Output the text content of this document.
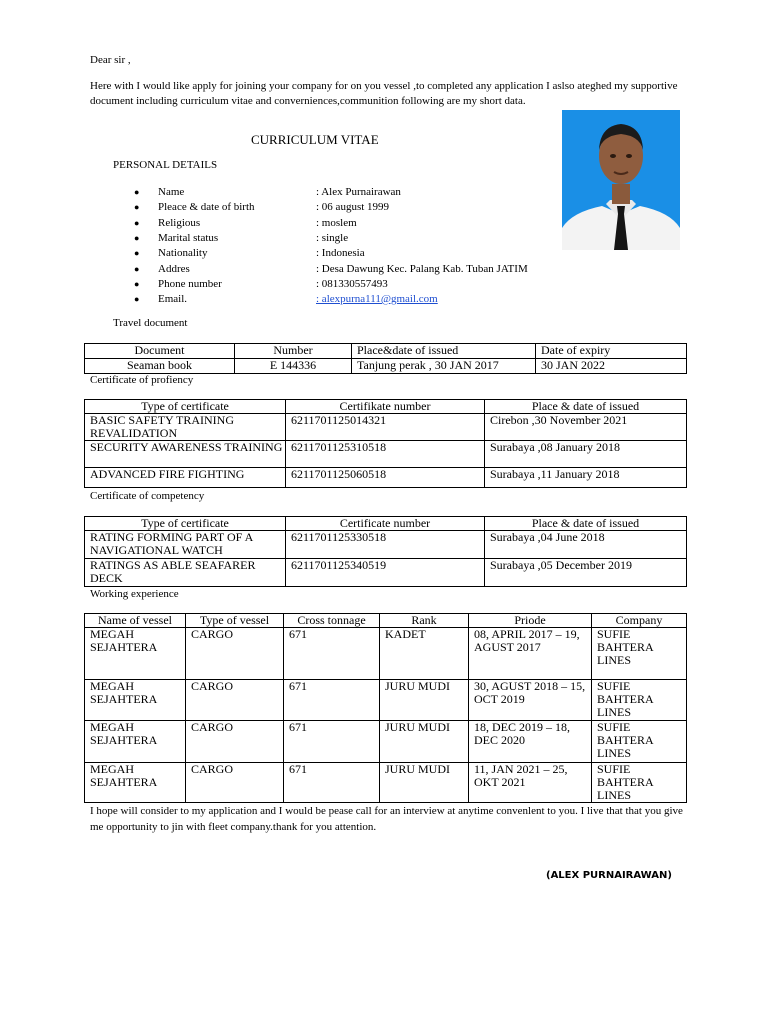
Dear sir ,
Here with I would like apply for joining your company for on you vessel ,to completed any application I aslso ateghed my supportive document including curriculum vitae and converniences,communition following are my short data.
CURRICULUM VITAE
PERSONAL DETAILS
● Name	: Alex Purnairawan
● Pleace & date of birth	: 06 august 1999
● Religious	: moslem
● Marital status	: single
● Nationality	: Indonesia
● Addres	: Desa Dawung Kec. Palang Kab. Tuban JATIM
● Phone number	: 081330557493
● Email.	: alexpurna111@gmail.com
Travel document
Document	Number	Place&date of issued	Date of expiry
Seaman book	E 144336	Tanjung perak , 30 JAN 2017	30 JAN 2022
Certificate of profiency
Type of certificate	Certifikate number	Place & date of issued
BASIC SAFETY TRAINING REVALIDATION	6211701125014321	Cirebon ,30 November 2021
SECURITY AWARENESS TRAINING	6211701125310518	Surabaya ,08 January 2018
ADVANCED FIRE FIGHTING	6211701125060518	Surabaya ,11 January 2018
Certificate of competency
Type of certificate	Certificate number	Place & date of issued
RATING FORMING PART OF A NAVIGATIONAL WATCH	6211701125330518	Surabaya ,04 June 2018
RATINGS AS ABLE SEAFARER DECK	6211701125340519	Surabaya ,05 December 2019
Working experience
Name of vessel	Type of vessel	Cross tonnage	Rank	Priode	Company
MEGAH SEJAHTERA	CARGO	671	KADET	08, APRIL 2017 – 19, AGUST 2017	SUFIE BAHTERA LINES
MEGAH SEJAHTERA	CARGO	671	JURU MUDI	30, AGUST 2018 – 15, OCT 2019	SUFIE BAHTERA LINES
MEGAH SEJAHTERA	CARGO	671	JURU MUDI	18, DEC 2019 – 18, DEC 2020	SUFIE BAHTERA LINES
MEGAH SEJAHTERA	CARGO	671	JURU MUDI	11, JAN 2021 – 25, OKT 2021	SUFIE BAHTERA LINES
I hope will consider to my application and I would be pease call for an interview at anytime convenlent to you. I live that that you give me opportunity to jin with fleet company.thank for you attention.
(ALEX PURNAIRAWAN)
